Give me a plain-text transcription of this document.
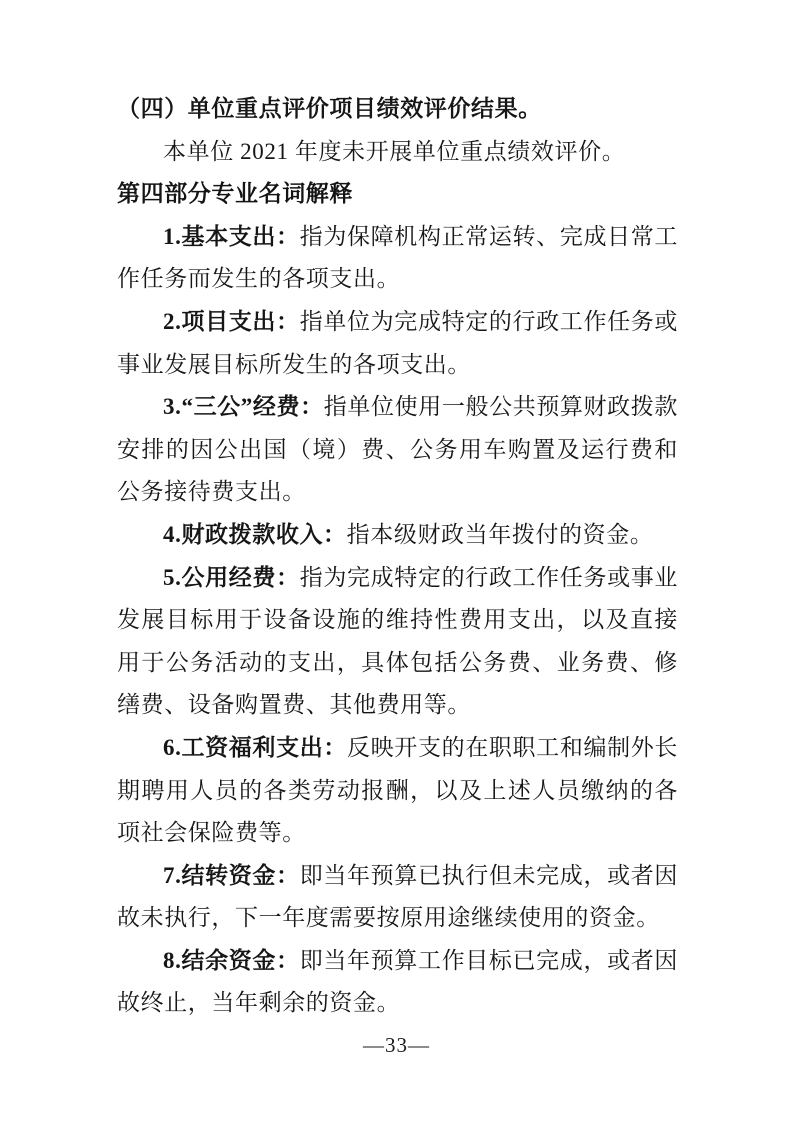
（四）单位重点评价项目绩效评价结果。

本单位 2021 年度未开展单位重点绩效评价。

第四部分专业名词解释

1.基本支出：指为保障机构正常运转、完成日常工作任务而发生的各项支出。

2.项目支出：指单位为完成特定的行政工作任务或事业发展目标所发生的各项支出。

3.“三公”经费：指单位使用一般公共预算财政拨款安排的因公出国（境）费、公务用车购置及运行费和公务接待费支出。

4.财政拨款收入：指本级财政当年拨付的资金。

5.公用经费：指为完成特定的行政工作任务或事业发展目标用于设备设施的维持性费用支出，以及直接用于公务活动的支出，具体包括公务费、业务费、修缮费、设备购置费、其他费用等。

6.工资福利支出：反映开支的在职职工和编制外长期聘用人员的各类劳动报酬，以及上述人员缴纳的各项社会保险费等。

7.结转资金：即当年预算已执行但未完成，或者因故未执行，下一年度需要按原用途继续使用的资金。

8.结余资金：即当年预算工作目标已完成，或者因故终止，当年剩余的资金。

—33—
